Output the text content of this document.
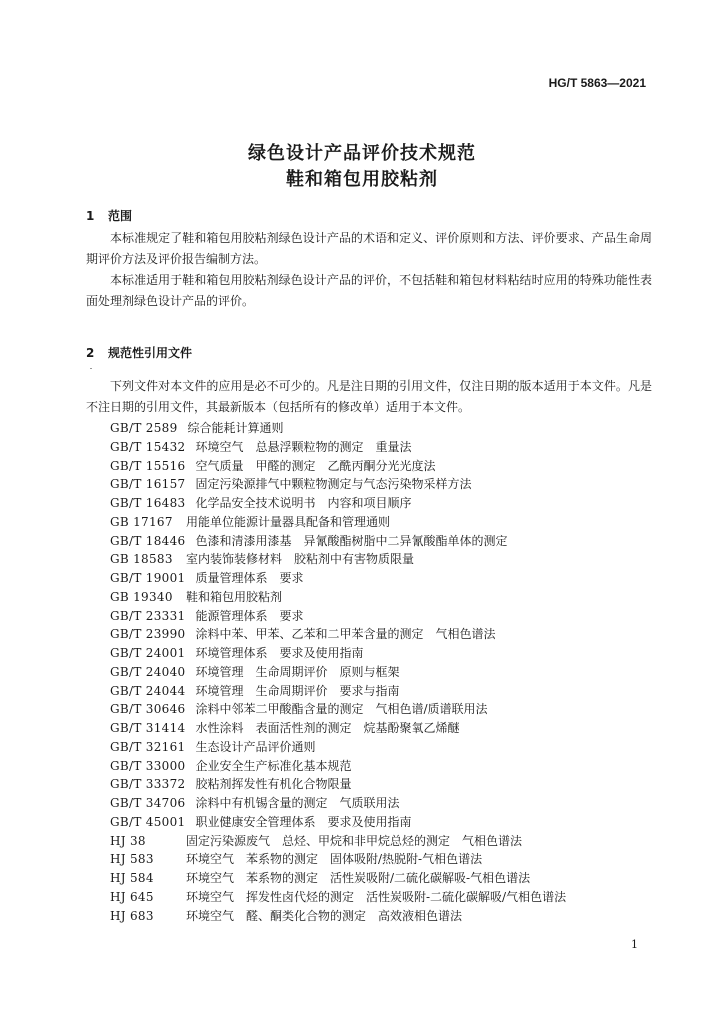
HG/T 5863—2021
绿色设计产品评价技术规范
鞋和箱包用胶粘剂
1 范围

本标准规定了鞋和箱包用胶粘剂绿色设计产品的术语和定义、评价原则和方法、评价要求、产品生命周期评价方法及评价报告编制方法。

本标准适用于鞋和箱包用胶粘剂绿色设计产品的评价，不包括鞋和箱包材料粘结时应用的特殊功能性表面处理剂绿色设计产品的评价。

2 规范性引用文件

下列文件对本文件的应用是必不可少的。凡是注日期的引用文件，仅注日期的版本适用于本文件。凡是不注日期的引用文件，其最新版本（包括所有的修改单）适用于本文件。

GB/T 2589 综合能耗计算通则
GB/T 15432 环境空气　总悬浮颗粒物的测定　重量法
GB/T 15516 空气质量　甲醛的测定　乙酰丙酮分光光度法
GB/T 16157 固定污染源排气中颗粒物测定与气态污染物采样方法
GB/T 16483 化学品安全技术说明书　内容和项目顺序
GB 17167 用能单位能源计量器具配备和管理通则
GB/T 18446 色漆和清漆用漆基　异氰酸酯树脂中二异氰酸酯单体的测定
GB 18583 室内装饰装修材料　胶粘剂中有害物质限量
GB/T 19001 质量管理体系　要求
GB 19340 鞋和箱包用胶粘剂
GB/T 23331 能源管理体系　要求
GB/T 23990 涂料中苯、甲苯、乙苯和二甲苯含量的测定　气相色谱法
GB/T 24001 环境管理体系　要求及使用指南
GB/T 24040 环境管理　生命周期评价　原则与框架
GB/T 24044 环境管理　生命周期评价　要求与指南
GB/T 30646 涂料中邻苯二甲酸酯含量的测定　气相色谱/质谱联用法
GB/T 31414 水性涂料　表面活性剂的测定　烷基酚聚氧乙烯醚
GB/T 32161 生态设计产品评价通则
GB/T 33000 企业安全生产标准化基本规范
GB/T 33372 胶粘剂挥发性有机化合物限量
GB/T 34706 涂料中有机锡含量的测定　气质联用法
GB/T 45001 职业健康安全管理体系　要求及使用指南
HJ 38	固定污染源废气　总烃、甲烷和非甲烷总烃的测定　气相色谱法
HJ 583	环境空气　苯系物的测定　固体吸附/热脱附-气相色谱法
HJ 584	环境空气　苯系物的测定　活性炭吸附/二硫化碳解吸-气相色谱法
HJ 645	环境空气　挥发性卤代烃的测定　活性炭吸附-二硫化碳解吸/气相色谱法
HJ 683	环境空气　醛、酮类化合物的测定　高效液相色谱法
1
